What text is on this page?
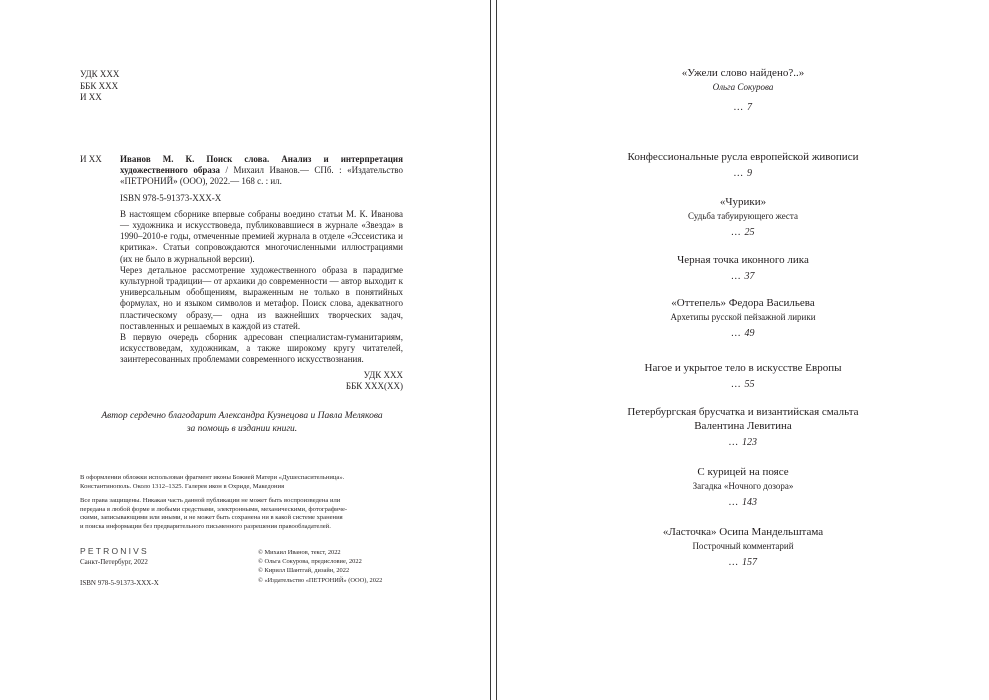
УДК ХХХ
ББК ХХХ
И ХХ
И ХХ Иванов М. К. Поиск слова. Анализ и интерпретация художественного образа / Михаил Иванов.— СПб. : «Издательство «ПЕТРОНИЙ» (ООО), 2022.— 168 с. : ил.

ISBN 978-5-91373-XXX-X

В настоящем сборнике впервые собраны воедино статьи М. К. Иванова— художника и искусствоведа, публиковавшиеся в журнале «Звезда» в 1990–2010-е годы, отмеченные премией журнала в отделе «Эссеистика и критика». Статьи сопровождаются многочисленными иллюстрациями (их не было в журнальной версии).

Через детальное рассмотрение художественного образа в парадигме культурной традиции— от архаики до современности — автор выходит к универсальным обобщениям, выраженным не только в понятийных формулах, но и языком символов и метафор. Поиск слова, адекватного пластическому образу,— одна из важнейших творческих задач, поставленных и решаемых в каждой из статей.

В первую очередь сборник адресован специалистам-гуманитариям, искусствоведам, художникам, а также широкому кругу читателей, заинтересованных проблемами современного искусствознания.

УДК ХХХ
ББК ХХХ(ХХ)

Автор сердечно благодарит Александра Кузнецова и Павла Мелякова
за помощь в издании книги.

В оформлении обложки использован фрагмент иконы Божией Матери «Душеспасительница».

Константинополь. Около 1312–1325. Галерея икон в Охриде, Македония

Все права защищены. Никакая часть данной публикации не может быть воспроизведена или

передана в любой форме и любыми средствами, электронными, механическими, фотографиче-

скими, записывающими или иными, и не может быть сохранена ни в какой системе хранения

и поиска информации без предварительного письменного разрешения правообладателей.

PETRONIVS
Санкт-Петербург, 2022
ISBN 978-5-91373-XXX-X
© Михаил Иванов, текст, 2022
© Ольга Сокурова, предисловие, 2022
© Кирилл Шантгай, дизайн, 2022
© «Издательство «ПЕТРОНИЙ» (ООО), 2022
«Ужели слово найдено?..»
Ольга Сокурова
… 7
Конфессиональные русла европейской живописи
… 9
«Чурики»
Судьба табуирующего жеста
… 25
Черная точка иконного лика
… 37
«Оттепель» Федора Васильева
Архетипы русской пейзажной лирики
… 49
Нагое и укрытое тело в искусстве Европы
… 55
Петербургская брусчатка и византийская смальта
Валентина Левитина
… 123
С курицей на поясе
Загадка «Ночного дозора»
… 143
«Ласточка» Осипа Мандельштама
Построчный комментарий
… 157
